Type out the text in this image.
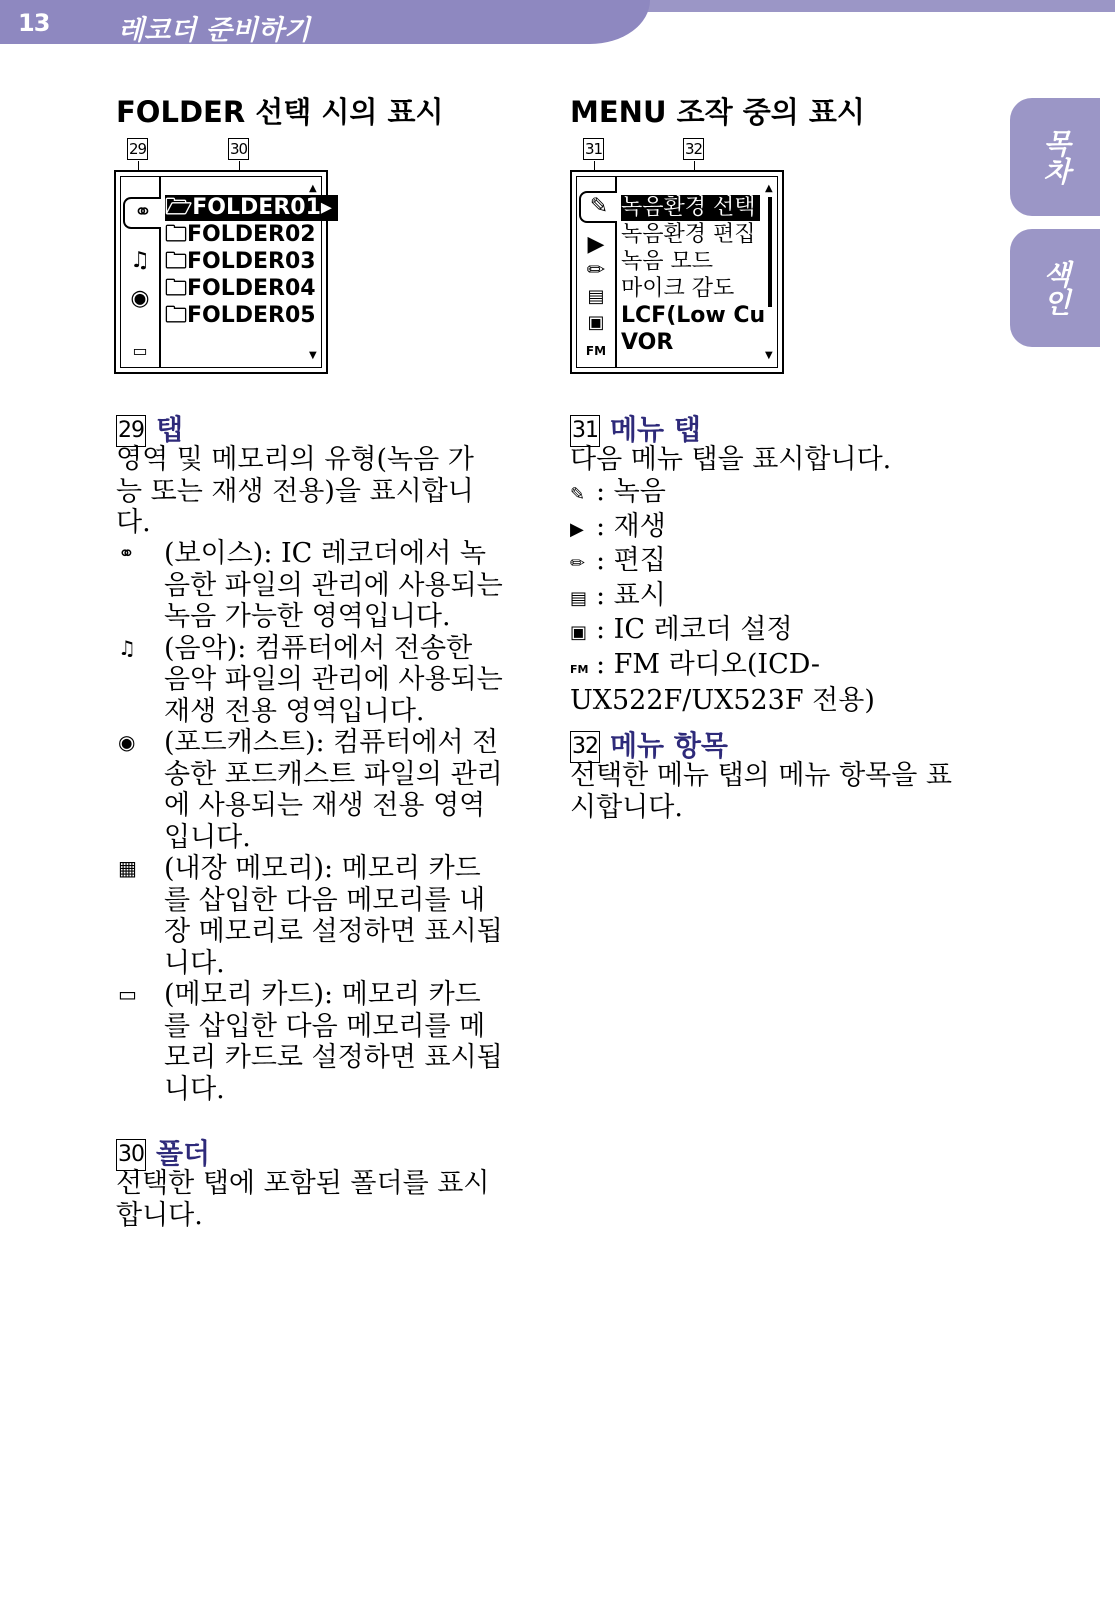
13	레코더 준비하기
목차
색인
FOLDER 선택 시의 표시
29	30
⚭
♫
◉
▭
🗁FOLDER01▸
🗀FOLDER02
🗀FOLDER03
🗀FOLDER04
🗀FOLDER05
▲
▼
29 탭
영역 및 메모리의 유형(녹음 가능 또는 재생 전용)을 표시합니다.
⚭ (보이스): IC 레코더에서 녹음한 파일의 관리에 사용되는 녹음 가능한 영역입니다.
♫ (음악): 컴퓨터에서 전송한 음악 파일의 관리에 사용되는 재생 전용 영역입니다.
◉ (포드캐스트): 컴퓨터에서 전송한 포드캐스트 파일의 관리에 사용되는 재생 전용 영역입니다.
▦ (내장 메모리): 메모리 카드를 삽입한 다음 메모리를 내장 메모리로 설정하면 표시됩니다.
▭ (메모리 카드): 메모리 카드를 삽입한 다음 메모리를 메모리 카드로 설정하면 표시됩니다.
30 폴더
선택한 탭에 포함된 폴더를 표시합니다.
MENU 조작 중의 표시
31	32
✎
▶
✏
▤
▣
FM
녹음환경 선택
녹음환경 편집
녹음 모드
마이크 감도
LCF(Low Cu
VOR
▲
▼
31 메뉴 탭
다음 메뉴 탭을 표시합니다.
✎ : 녹음
▶ : 재생
✏ : 편집
▤ : 표시
▣ : IC 레코더 설정
FM : FM 라디오(ICD-UX522F/UX523F 전용)
32 메뉴 항목
선택한 메뉴 탭의 메뉴 항목을 표시합니다.
